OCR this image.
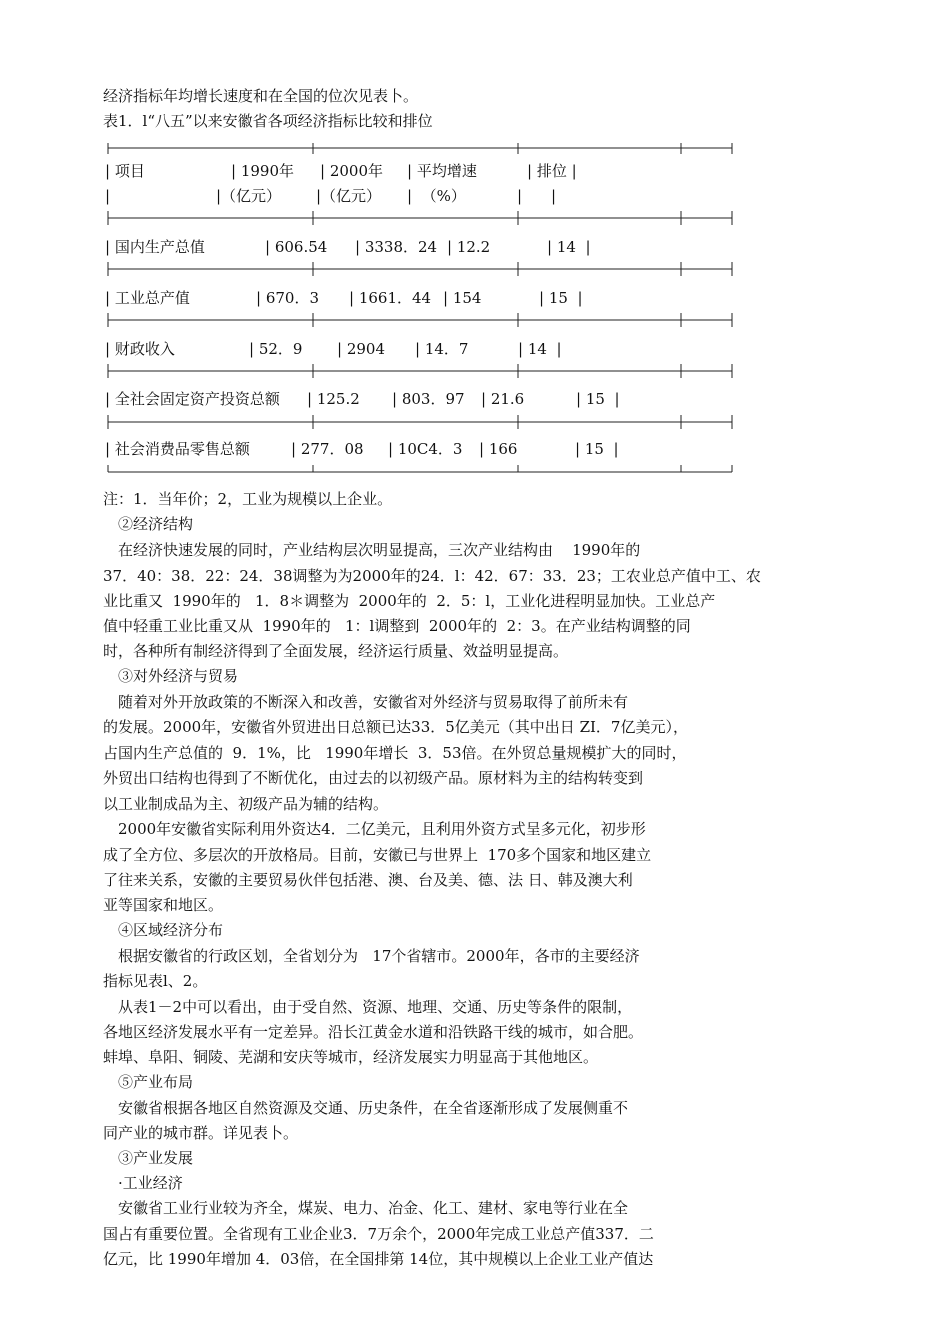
经济指标年均增长速度和在全国的位次见表卜。
表1．l“八五”以来安徽省各项经济指标比较和排位
| 项目	| 1990年 | 2000年 | 平均增速	| 排位 |
|	|（亿元） |（亿元） |  （%）	| |
| 国内生产总值	| 606.54 | 3338．24 | 12.2	| 14  |
| 工业总产值	| 670．3 | 1661．44 | 154	| 15  |
| 财政收入	| 52．9 | 2904 | 14．7	| 14  |
| 全社会固定资产投资总额 | 125.2 | 803．97 | 21.6	| 15  |
| 社会消费品零售总额	| 277．08 | 10C4．3 | 166	| 15  |
注：1．当年价；2，工业为规模以上企业。
②经济结构
在经济快速发展的同时，产业结构层次明显提高，三次产业结构由    1990年的
37．40：38．22：24．38调整为为2000年的24．l：42．67：33．23；工农业总产值中工、农
业比重又  1990年的   1．8＊调整为  2000年的  2．5：l，工业化进程明显加快。工业总产
值中轻重工业比重又从  1990年的   1：l调整到  2000年的  2：3。在产业结构调整的同
时，各种所有制经济得到了全面发展，经济运行质量、效益明显提高。
③对外经济与贸易
随着对外开放政策的不断深入和改善，安徽省对外经济与贸易取得了前所未有
的发展。2000年，安徽省外贸进出日总额已达33．5亿美元（其中出日 ZI．7亿美元），
占国内生产总值的  9．1%，比   1990年增长  3．53倍。在外贸总量规模扩大的同时，
外贸出口结构也得到了不断优化，由过去的以初级产品。原材料为主的结构转变到
以工业制成品为主、初级产品为辅的结构。
2000年安徽省实际利用外资达4．二亿美元，且利用外资方式呈多元化，初步形
成了全方位、多层次的开放格局。目前，安徽已与世界上  170多个国家和地区建立
了往来关系，安徽的主要贸易伙伴包括港、澳、台及美、德、法 日、韩及澳大利
亚等国家和地区。
④区域经济分布
根据安徽省的行政区划，全省划分为   17个省辖市。2000年，各市的主要经济
指标见表l、2。
从表1－2中可以看出，由于受自然、资源、地理、交通、历史等条件的限制，
各地区经济发展水平有一定差异。沿长江黄金水道和沿铁路干线的城市，如合肥。
蚌埠、阜阳、铜陵、芜湖和安庆等城市，经济发展实力明显高于其他地区。
⑤产业布局
安徽省根据各地区自然资源及交通、历史条件，在全省逐渐形成了发展侧重不
同产业的城市群。详见表卜。
③产业发展
·工业经济
安徽省工业行业较为齐全，煤炭、电力、冶金、化工、建材、家电等行业在全
国占有重要位置。全省现有工业企业3．7万余个，2000年完成工业总产值337．二
亿元，比 1990年增加 4．03倍，在全国排第 14位，其中规模以上企业工业产值达
